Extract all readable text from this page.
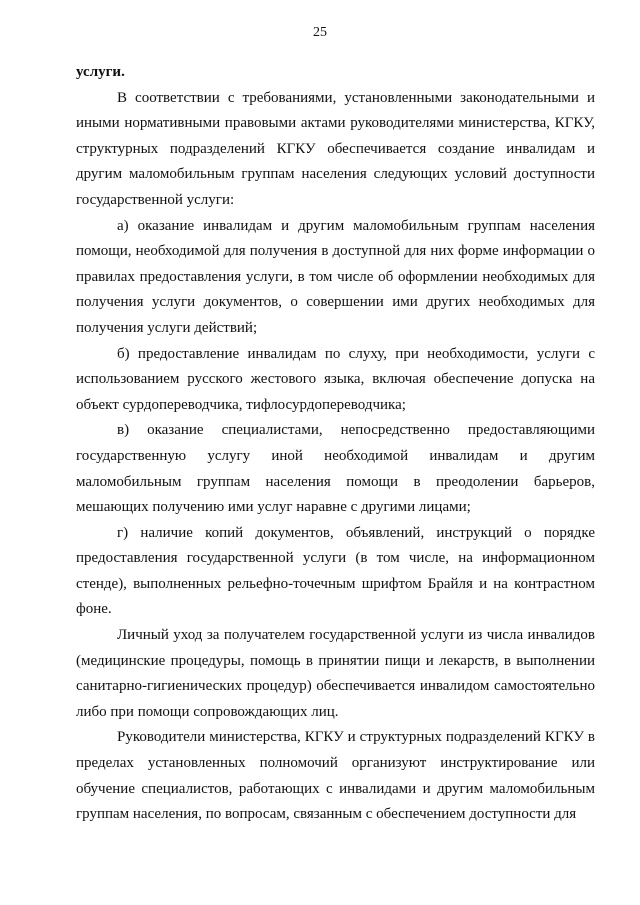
25

услуги.

В соответствии с требованиями, установленными законодательными и иными нормативными правовыми актами руководителями министерства, КГКУ, структурных подразделений КГКУ обеспечивается создание инвалидам и другим маломобильным группам населения следующих условий доступности государственной услуги:

а) оказание инвалидам и другим маломобильным группам населения помощи, необходимой для получения в доступной для них форме информации о правилах предоставления услуги, в том числе об оформлении необходимых для получения услуги документов, о совершении ими других необходимых для получения услуги действий;

б) предоставление инвалидам по слуху, при необходимости, услуги с использованием русского жестового языка, включая обеспечение допуска на объект сурдопереводчика, тифлосурдопереводчика;

в) оказание специалистами, непосредственно предоставляющими государственную услугу иной необходимой инвалидам и другим маломобильным группам населения помощи в преодолении барьеров, мешающих получению ими услуг наравне с другими лицами;

г) наличие копий документов, объявлений, инструкций о порядке предоставления государственной услуги (в том числе, на информационном стенде), выполненных рельефно-точечным шрифтом Брайля и на контрастном фоне.

Личный уход за получателем государственной услуги из числа инвалидов (медицинские процедуры, помощь в принятии пищи и лекарств, в выполнении санитарно-гигиенических процедур) обеспечивается инвалидом самостоятельно либо при помощи сопровождающих лиц.

Руководители министерства, КГКУ и структурных подразделений КГКУ в пределах установленных полномочий организуют инструктирование или обучение специалистов, работающих с инвалидами и другим маломобильным группам населения, по вопросам, связанным с обеспечением доступности для
